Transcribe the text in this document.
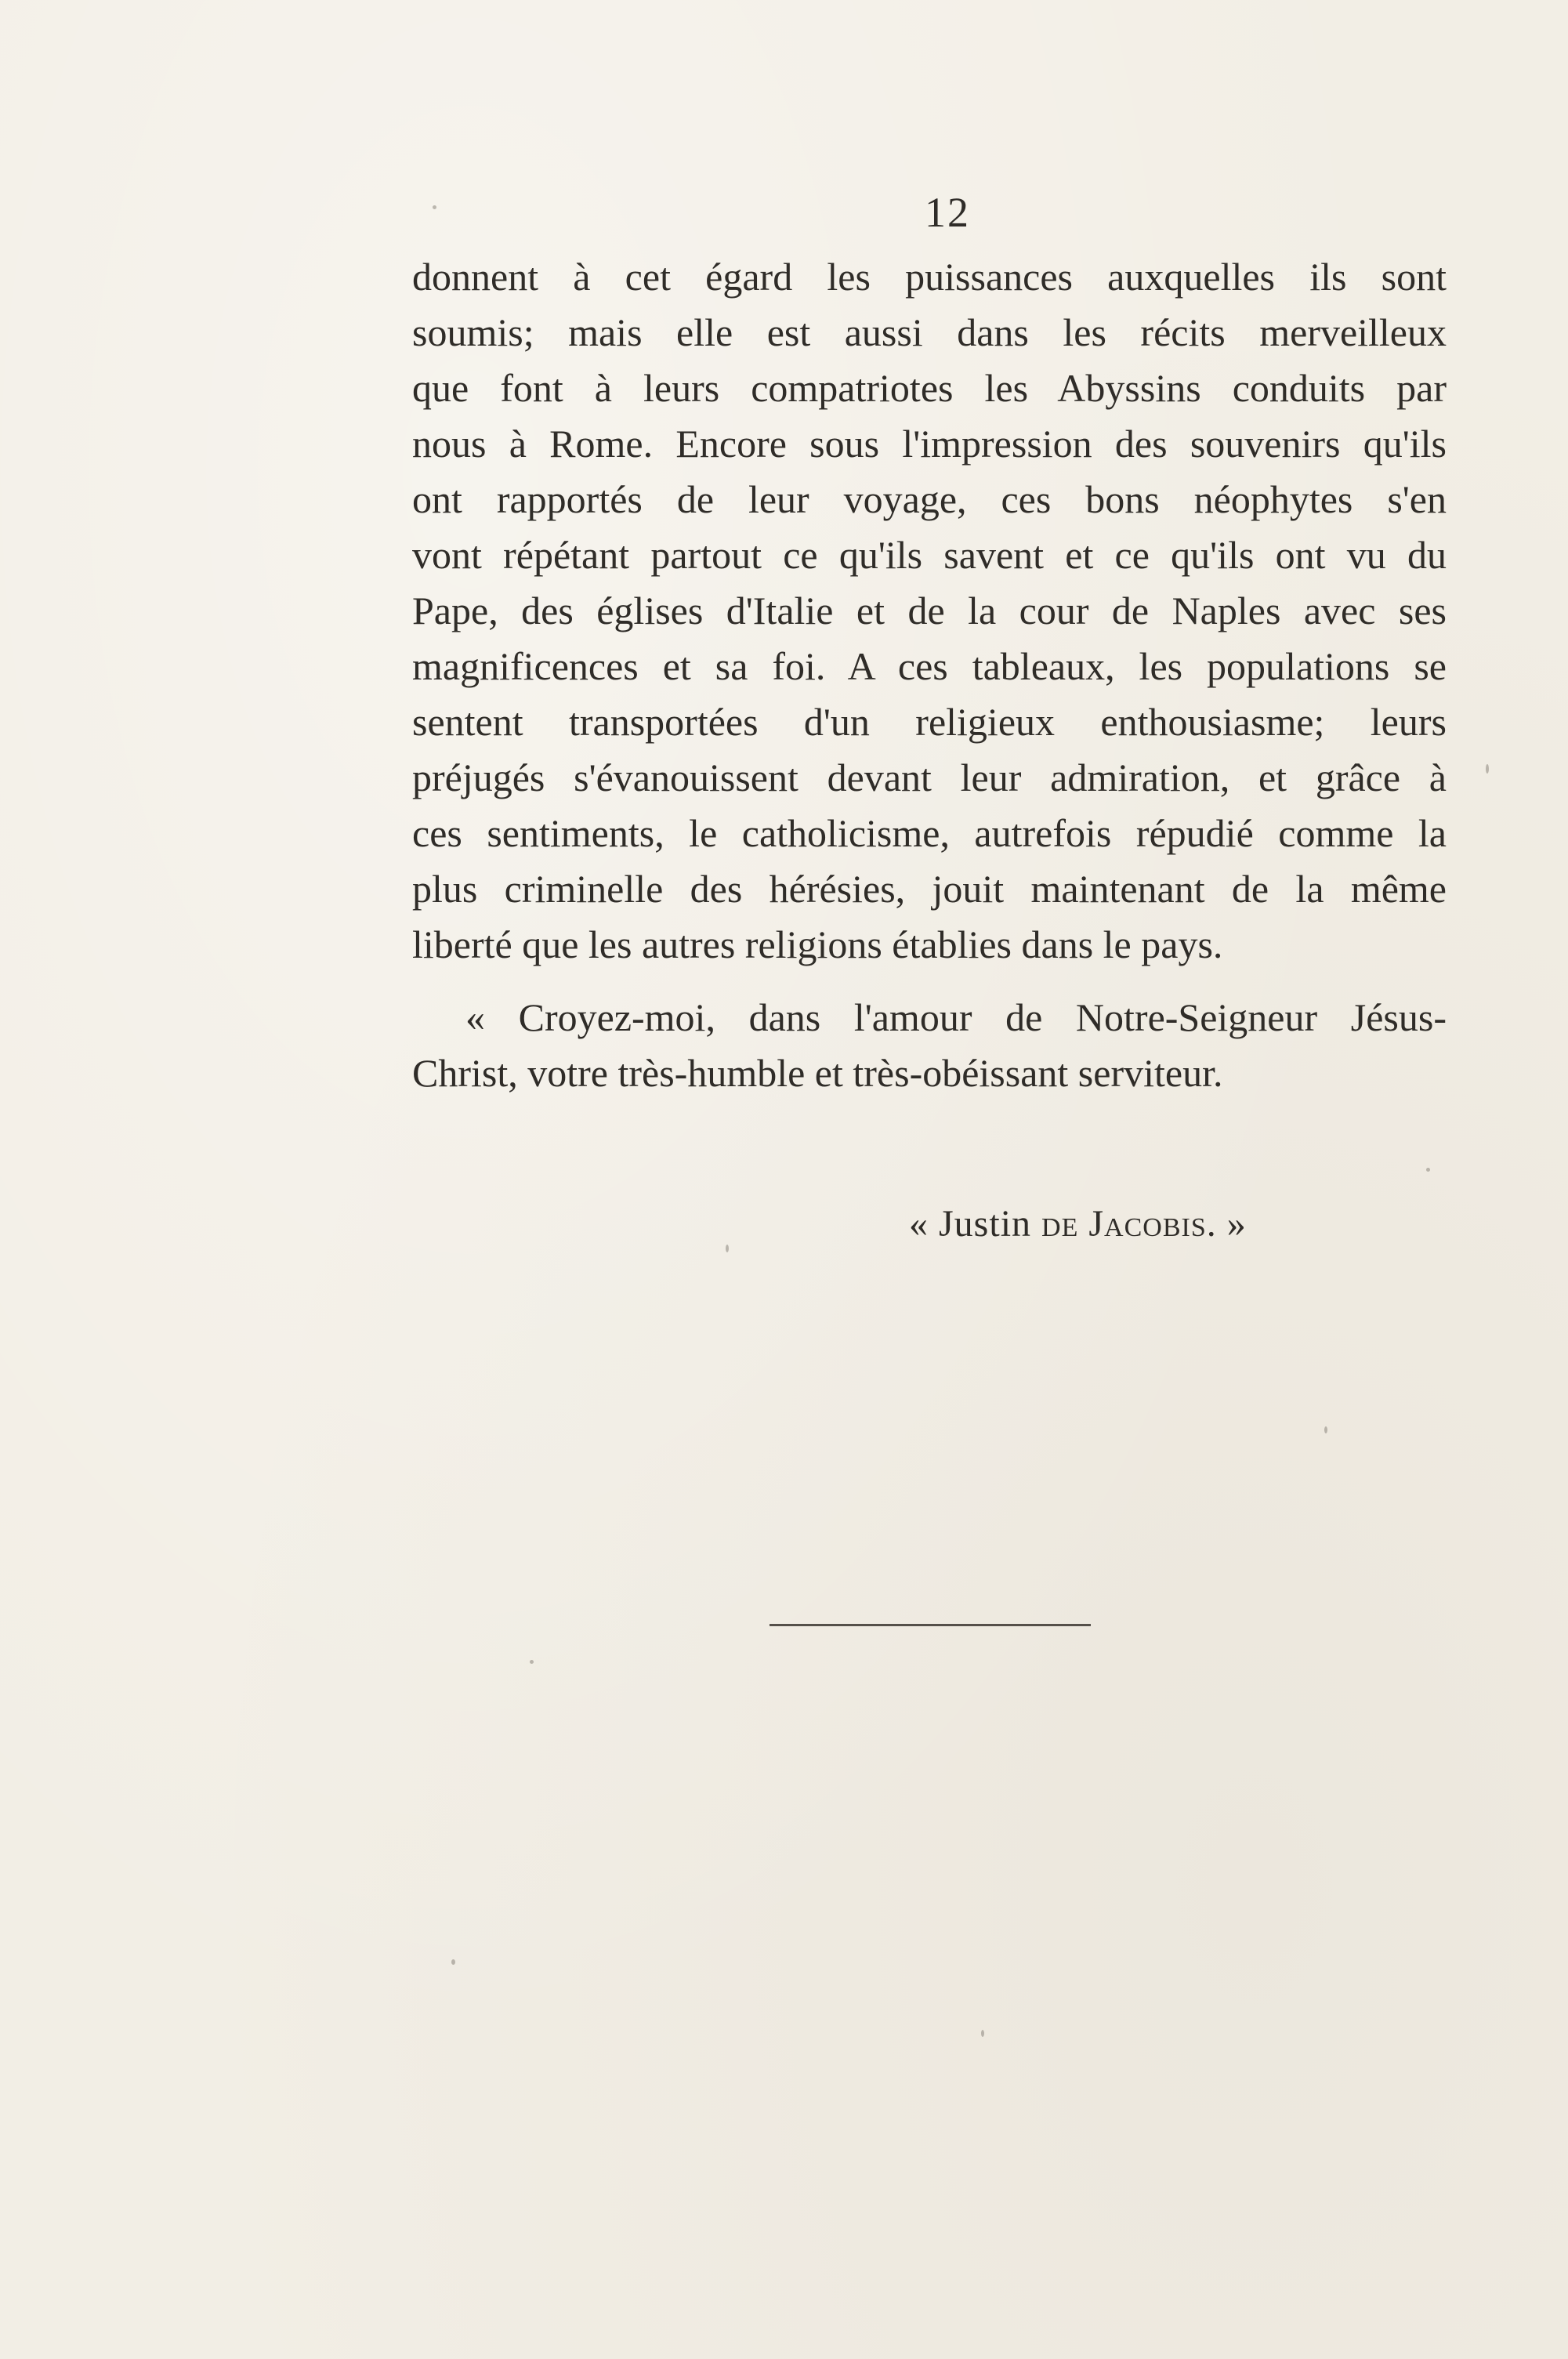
12
donnent à cet égard les puissances auxquelles ils sont
soumis; mais elle est aussi dans les récits merveilleux
que font à leurs compatriotes les Abyssins conduits par
nous à Rome. Encore sous l'impression des souvenirs qu'ils
ont rapportés de leur voyage, ces bons néophytes s'en
vont répétant partout ce qu'ils savent et ce qu'ils ont vu du
Pape, des églises d'Italie et de la cour de Naples avec ses
magnificences et sa foi. A ces tableaux, les populations se
sentent transportées d'un religieux enthousiasme; leurs
préjugés s'évanouissent devant leur admiration, et grâce à
ces sentiments, le catholicisme, autrefois répudié comme la
plus criminelle des hérésies, jouit maintenant de la même
liberté que les autres religions établies dans le pays.
« Croyez-moi, dans l'amour de Notre-Seigneur Jésus-
Christ, votre très-humble et très-obéissant serviteur.
« Justin de Jacobis. »
